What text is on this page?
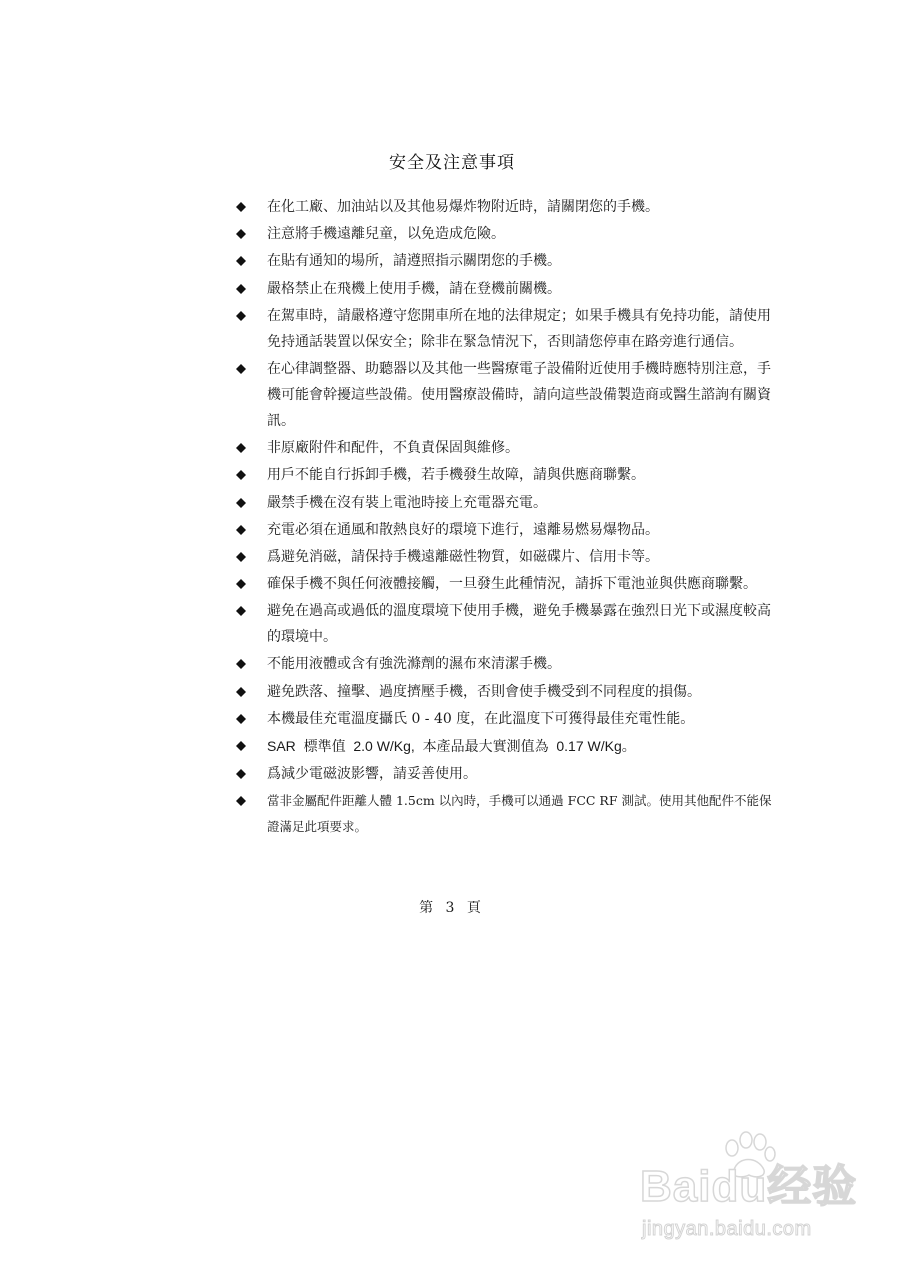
安全及注意事項
在化工廠、加油站以及其他易爆炸物附近時，請關閉您的手機。
注意將手機遠離兒童，以免造成危險。
在貼有通知的場所，請遵照指示關閉您的手機。
嚴格禁止在飛機上使用手機，請在登機前關機。
在駕車時，請嚴格遵守您開車所在地的法律規定；如果手機具有免持功能，請使用免持通話裝置以保安全；除非在緊急情況下，否則請您停車在路旁進行通信。
在心律調整器、助聽器以及其他一些醫療電子設備附近使用手機時應特別注意，手機可能會幹擾這些設備。使用醫療設備時，請向這些設備製造商或醫生諮詢有關資訊。
非原廠附件和配件，不負責保固與維修。
用戶不能自行拆卸手機，若手機發生故障，請與供應商聯繫。
嚴禁手機在沒有裝上電池時接上充電器充電。
充電必須在通風和散熱良好的環境下進行，遠離易燃易爆物品。
爲避免消磁，請保持手機遠離磁性物質，如磁碟片、信用卡等。
確保手機不與任何液體接觸，一旦發生此種情況，請拆下電池並與供應商聯繫。
避免在過高或過低的溫度環境下使用手機，避免手機暴露在強烈日光下或濕度較高的環境中。
不能用液體或含有強洗滌劑的濕布來清潔手機。
避免跌落、撞擊、過度擠壓手機，否則會使手機受到不同程度的損傷。
本機最佳充電溫度攝氏 0 - 40 度，在此溫度下可獲得最佳充電性能。
SAR  標準值  2.0 W/Kg,  本產品最大實測值為  0.17 W/Kg。
爲減少電磁波影響，請妥善使用。
當非金屬配件距離人體 1.5cm 以內時，手機可以通過 FCC RF 測試。使用其他配件不能保證滿足此項要求。
第 3 頁
Baidu经验
jingyan.baidu.com
